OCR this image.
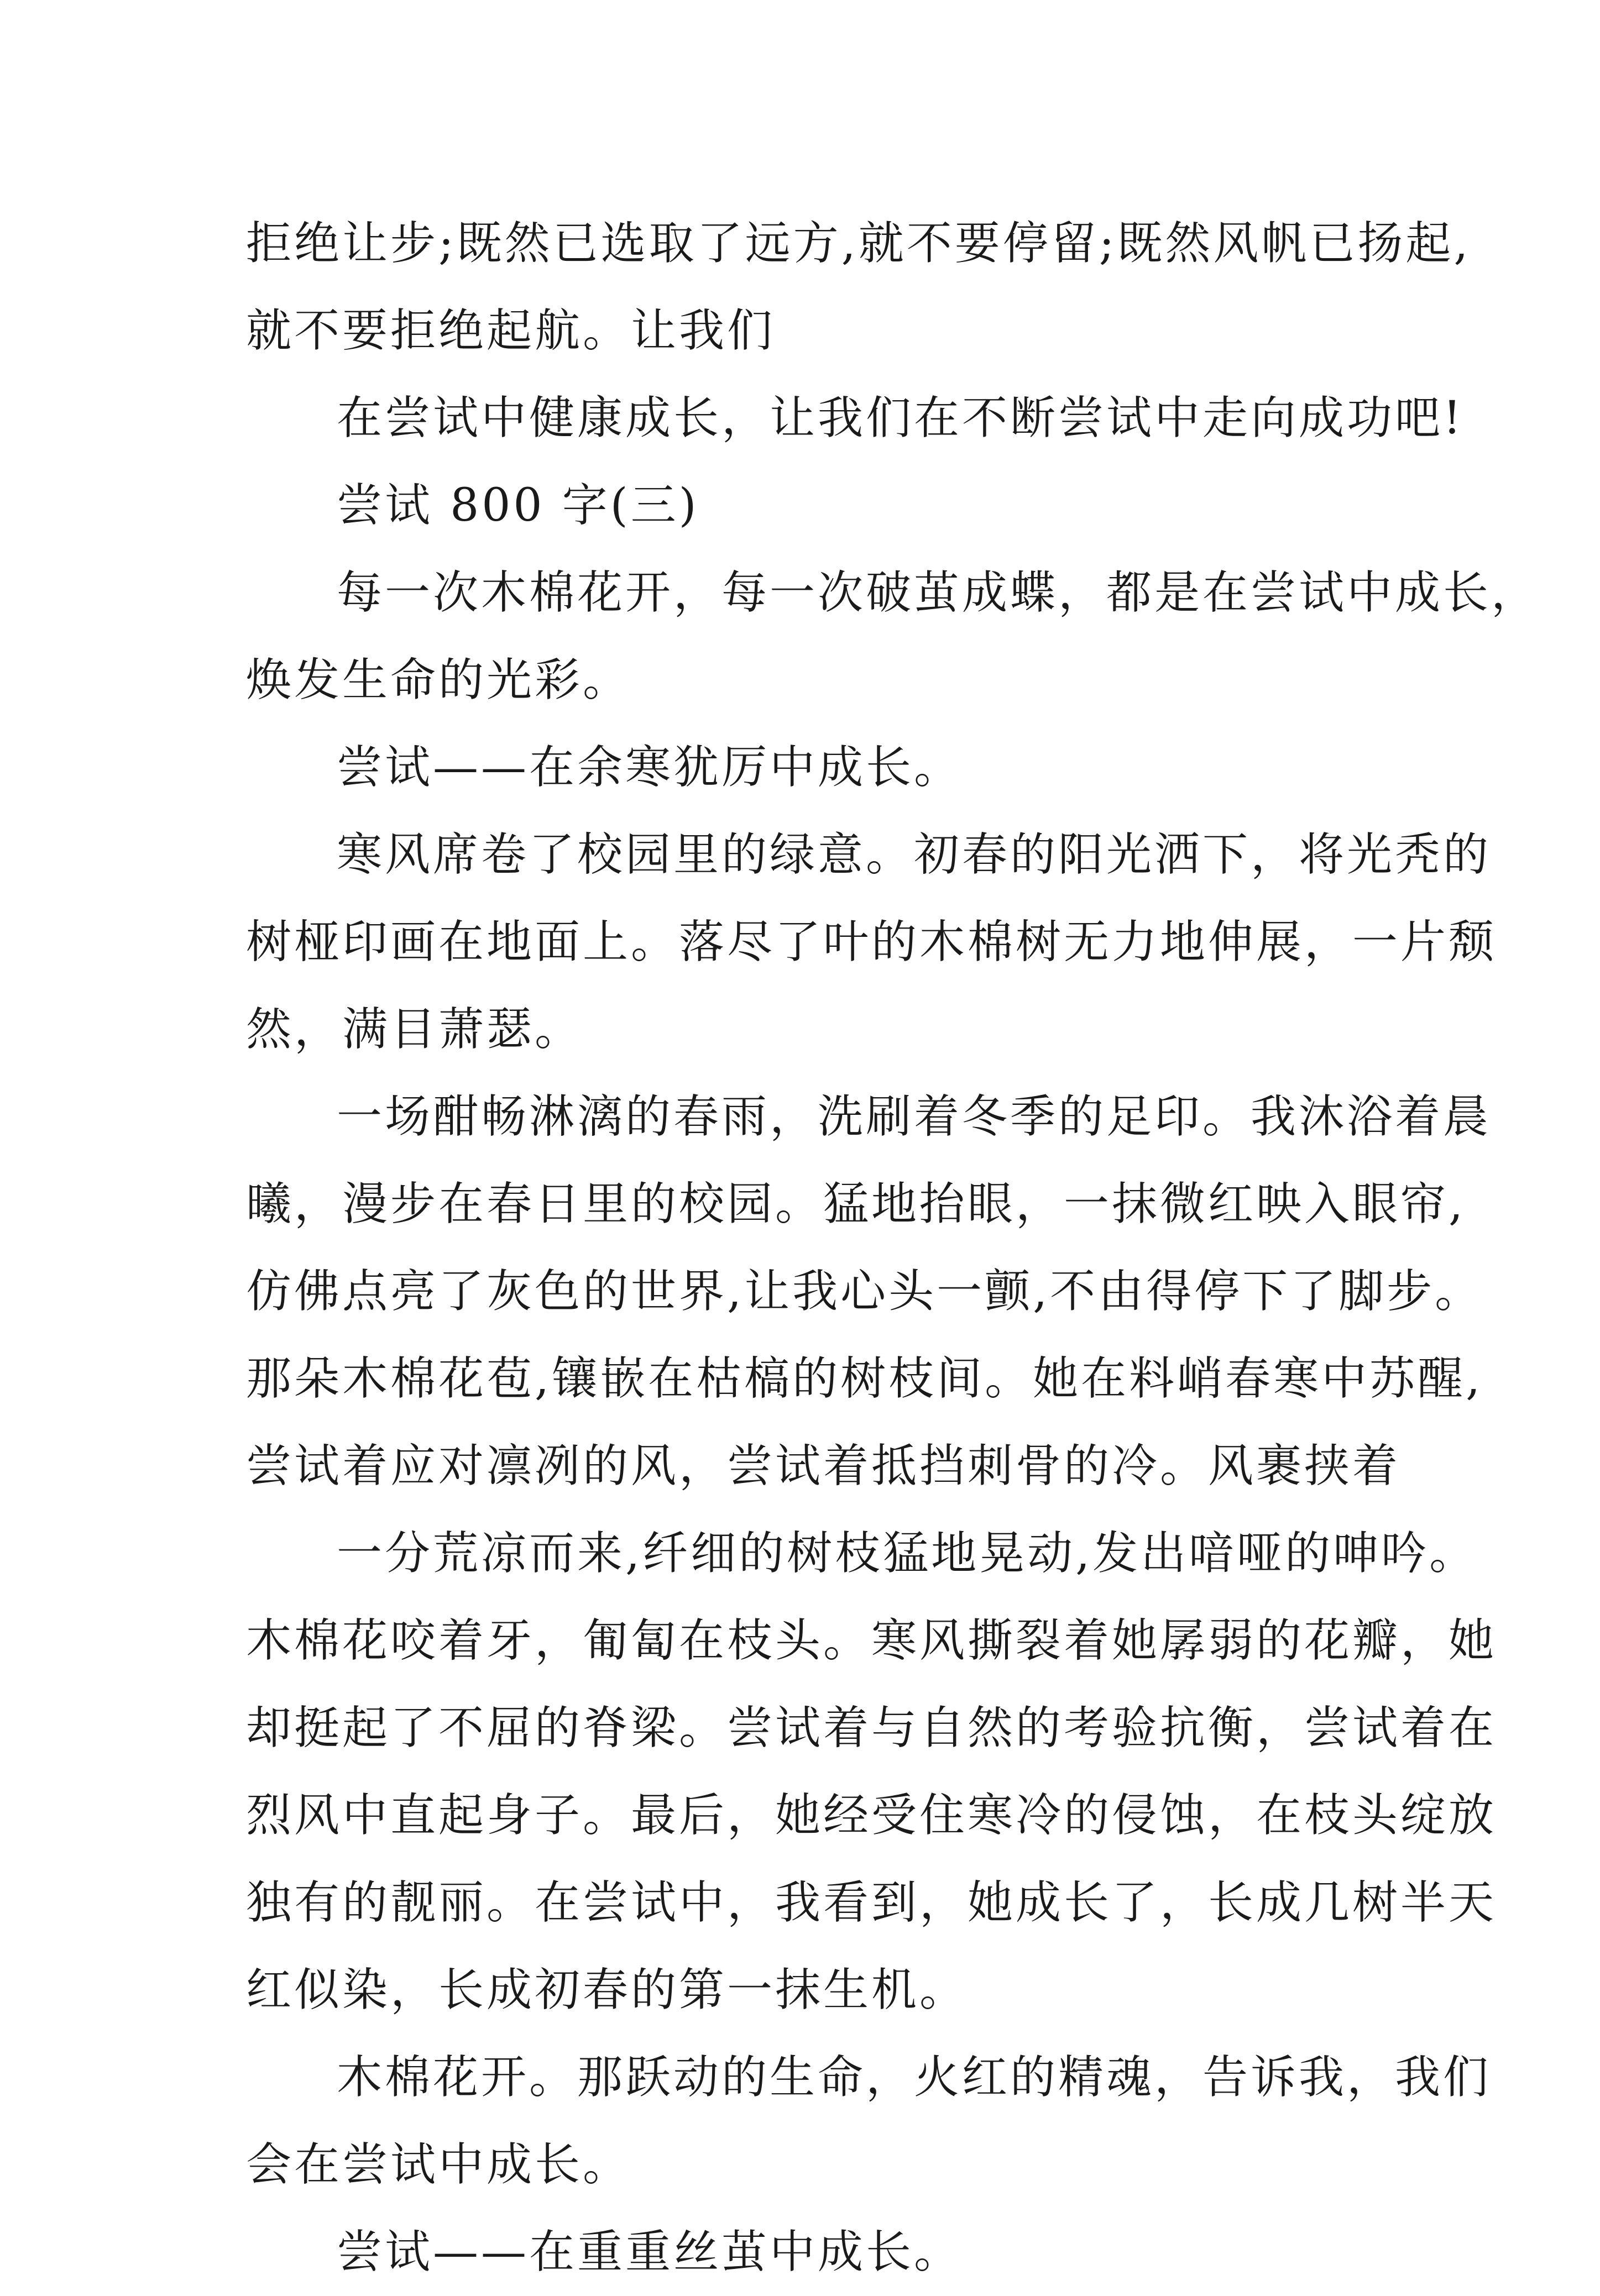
拒绝让步;既然已选取了远方,就不要停留;既然风帆已扬起,
就不要拒绝起航。让我们
在尝试中健康成长，让我们在不断尝试中走向成功吧!
尝试 800 字(三)
每一次木棉花开，每一次破茧成蝶，都是在尝试中成长，
焕发生命的光彩。
尝试——在余寒犹厉中成长。
寒风席卷了校园里的绿意。初春的阳光洒下，将光秃的
树桠印画在地面上。落尽了叶的木棉树无力地伸展，一片颓
然，满目萧瑟。
一场酣畅淋漓的春雨，洗刷着冬季的足印。我沐浴着晨
曦，漫步在春日里的校园。猛地抬眼，一抹微红映入眼帘,
仿佛点亮了灰色的世界,让我心头一颤,不由得停下了脚步。
那朵木棉花苞,镶嵌在枯槁的树枝间。她在料峭春寒中苏醒,
尝试着应对凛冽的风，尝试着抵挡刺骨的冷。风裹挟着
一分荒凉而来,纤细的树枝猛地晃动,发出喑哑的呻吟。
木棉花咬着牙，匍匐在枝头。寒风撕裂着她孱弱的花瓣，她
却挺起了不屈的脊梁。尝试着与自然的考验抗衡，尝试着在
烈风中直起身子。最后，她经受住寒冷的侵蚀，在枝头绽放
独有的靓丽。在尝试中，我看到，她成长了，长成几树半天
红似染，长成初春的第一抹生机。
木棉花开。那跃动的生命，火红的精魂，告诉我，我们
会在尝试中成长。
尝试——在重重丝茧中成长。
